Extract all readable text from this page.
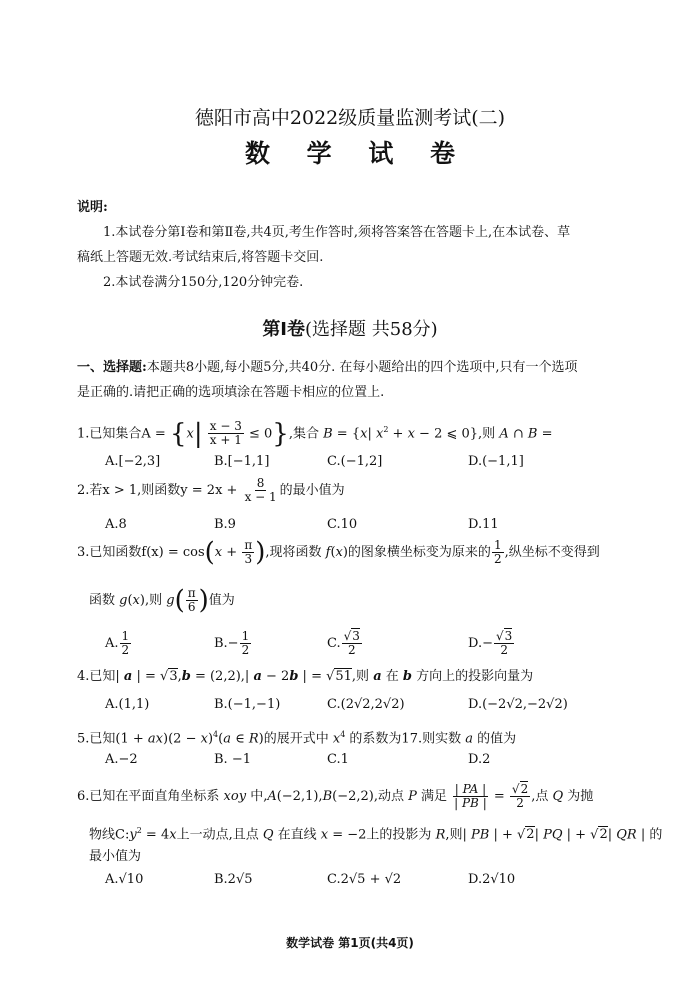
德阳市高中2022级质量监测考试(二)
数 学 试 卷
说明:
1.本试卷分第Ⅰ卷和第Ⅱ卷,共4页,考生作答时,须将答案答在答题卡上,在本试卷、草
稿纸上答题无效.考试结束后,将答题卡交回.
2.本试卷满分150分,120分钟完卷.
第Ⅰ卷(选择题 共58分)
一、选择题:本题共8小题,每小题5分,共40分. 在每小题给出的四个选项中,只有一个选项
是正确的.请把正确的选项填涂在答题卡相应的位置上.
1.已知集合$A = \{x| \frac{x - 3}{x + 1} \le 0\}$,集合 B = {x| $x^2 + x - 2$ ⩽ 0},则 A ∩ B =
A.[−2,3]	B.[−1,1]	C.(−1,2]	D.(−1,1]
2.若x > 1,则函数$y = 2x + \frac{8}{x - 1}$ 的最小值为
A.8	B.9	C.10	D.11
3.已知函数$f(x) = \cos(x + \frac{\pi}{3}$ ),现将函数 f(x)的图象横坐标变为原来的 $\frac{1}{2}$ ,纵坐标不变得到
函数 g(x),则 $g( \frac{\pi}{6}$ )值为
A. $\frac{1}{2}$	$B.- \frac{1}{2}$	C. $\frac{√3}{2}$	$D.- \frac{√3}{2}$
4.已知| a | = √3,b = (2,2),| a − 2b | = √51,则 a 在 b 方向上的投影向量为
A.(1,1)	B.(−1,−1)	C.(2√2,2√2)	D.(−2√2,−2√2)
5.已知$(1 + ax)(2 - x)^4(a$ ∈ R)的展开式中 $x^4$ 的系数为17.则实数 a 的值为
A.−2	B. −1	C.1	D.2
6.已知在平面直角坐标系 xoy 中,A(−2,1),B(−2,2),动点 P 满足 $\frac{| PA |}{| PB |} = \frac{√2}{2}$ ,点 Q 为抛
物线$C:y^2 = 4x$上一动点,且点 Q 在直线 x = −2上的投影为 R,则| PB | + √2| PQ | + √2| QR | 的
最小值为
A.√10	B.2√5	C.2√5 + √2	D.2√10
数学试卷 第1页(共4页)
